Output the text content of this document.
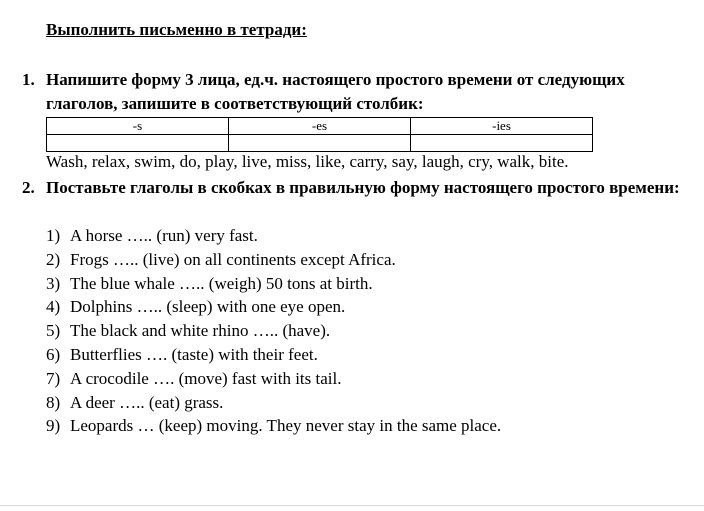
Выполнить письменно в тетради:
1. Напишите форму 3 лица, ед.ч. настоящего простого времени от следующих глаголов, запишите в соответствующий столбик:
-s	-es	-ies

Wash, relax, swim, do, play, live, miss, like, carry, say, laugh, cry, walk, bite.
2. Поставьте глаголы в скобках в правильную форму настоящего простого времени:
1) A horse ….. (run) very fast.
2) Frogs ….. (live) on all continents except Africa.
3) The blue whale ….. (weigh) 50 tons at birth.
4) Dolphins ….. (sleep) with one eye open.
5) The black and white rhino ….. (have).
6) Butterflies …. (taste) with their feet.
7) A crocodile …. (move) fast with its tail.
8) A deer ….. (eat) grass.
9) Leopards … (keep) moving. They never stay in the same place.
